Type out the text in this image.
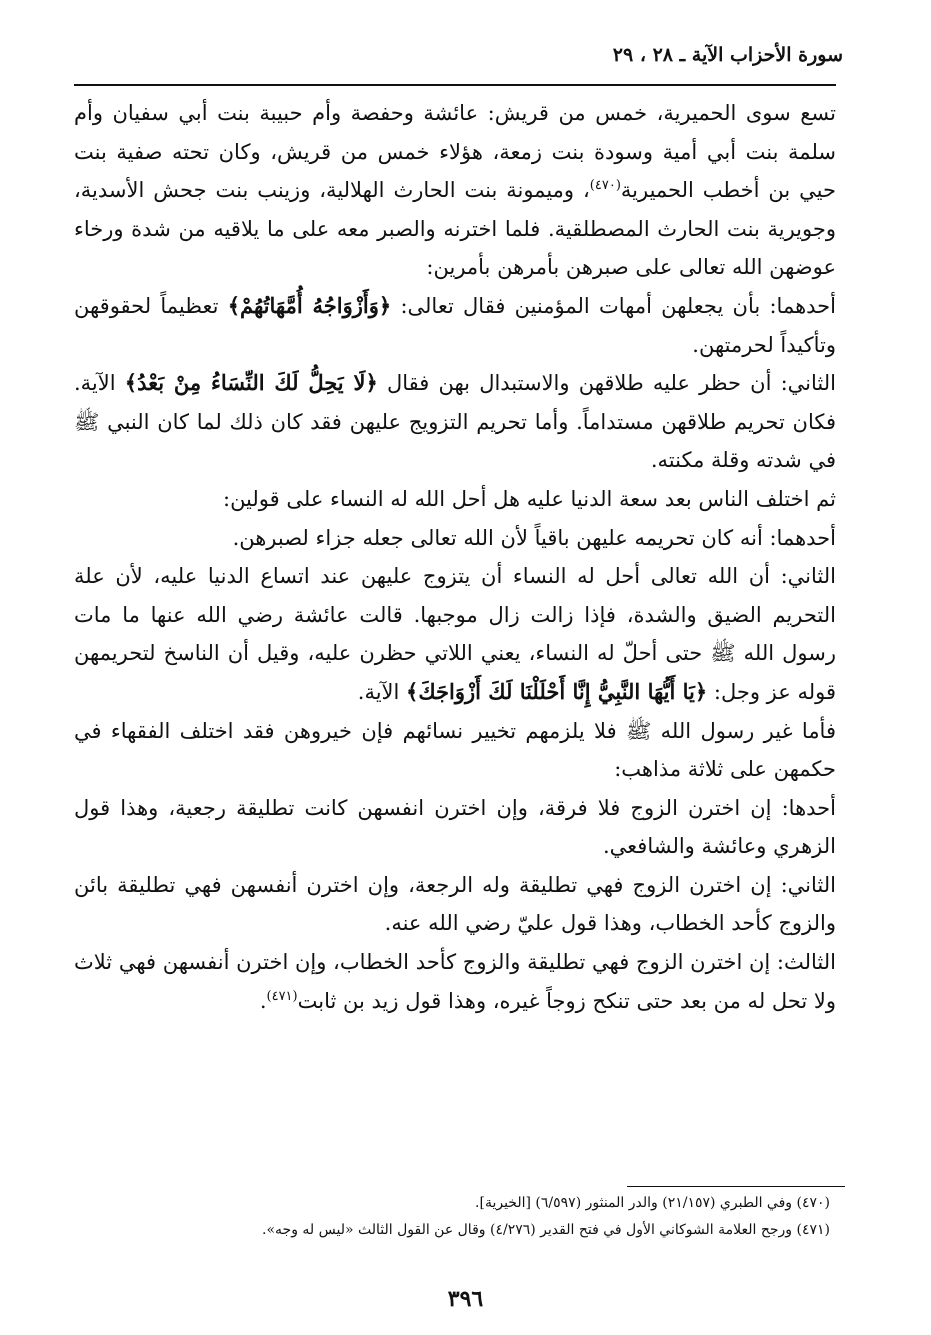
سورة الأحزاب الآية ـ ٢٨ ، ٢٩

تسع سوى الحميرية، خمس من قريش: عائشة وحفصة وأم حبيبة بنت أبي سفيان وأم سلمة بنت أبي أمية وسودة بنت زمعة، هؤلاء خمس من قريش، وكان تحته صفية بنت حيي بن أخطب الحميرية$^{(٤٧٠)}$، وميمونة بنت الحارث الهلالية، وزينب بنت جحش الأسدية، وجويرية بنت الحارث المصطلقية. فلما اخترنه والصبر معه على ما يلاقيه من شدة ورخاء عوضهن الله تعالى على صبرهن بأمرهن بأمرين:

أحدهما: بأن يجعلهن أمهات المؤمنين فقال تعالى: ﴿وَأَزْوَاجُهُ أُمَّهَاتُهُمْ﴾ تعظيماً لحقوقهن وتأكيداً لحرمتهن.

الثاني: أن حظر عليه طلاقهن والاستبدال بهن فقال ﴿لَا يَحِلُّ لَكَ النِّسَاءُ مِنْ بَعْدُ﴾ الآية. فكان تحريم طلاقهن مستداماً. وأما تحريم التزويج عليهن فقد كان ذلك لما كان النبي ﷺ في شدته وقلة مكنته.

ثم اختلف الناس بعد سعة الدنيا عليه هل أحل الله له النساء على قولين:

أحدهما: أنه كان تحريمه عليهن باقياً لأن الله تعالى جعله جزاء لصبرهن.

الثاني: أن الله تعالى أحل له النساء أن يتزوج عليهن عند اتساع الدنيا عليه، لأن علة التحريم الضيق والشدة، فإذا زالت زال موجبها. قالت عائشة رضي الله عنها ما مات رسول الله ﷺ حتى أحلّ له النساء، يعني اللاتي حظرن عليه، وقيل أن الناسخ لتحريمهن قوله عز وجل: ﴿يَا أَيُّهَا النَّبِيُّ إِنَّا أَحْلَلْنَا لَكَ أَزْوَاجَكَ﴾ الآية.

فأما غير رسول الله ﷺ فلا يلزمهم تخيير نسائهم فإن خيروهن فقد اختلف الفقهاء في حكمهن على ثلاثة مذاهب:

أحدها: إن اخترن الزوج فلا فرقة، وإن اخترن انفسهن كانت تطليقة رجعية، وهذا قول الزهري وعائشة والشافعي.

الثاني: إن اخترن الزوج فهي تطليقة وله الرجعة، وإن اخترن أنفسهن فهي تطليقة بائن والزوج كأحد الخطاب، وهذا قول عليّ رضي الله عنه.

الثالث: إن اخترن الزوج فهي تطليقة والزوج كأحد الخطاب، وإن اخترن أنفسهن فهي ثلاث ولا تحل له من بعد حتى تنكح زوجاً غيره، وهذا قول زيد بن ثابت$^{(٤٧١)}$.

(٤٧٠) وفي الطبري (٢١/١٥٧) والدر المنثور (٦/٥٩٧) [الخيرية].

(٤٧١) ورجح العلامة الشوكاني الأول في فتح القدير (٤/٢٧٦) وقال عن القول الثالث «ليس له وجه».

٣٩٦
